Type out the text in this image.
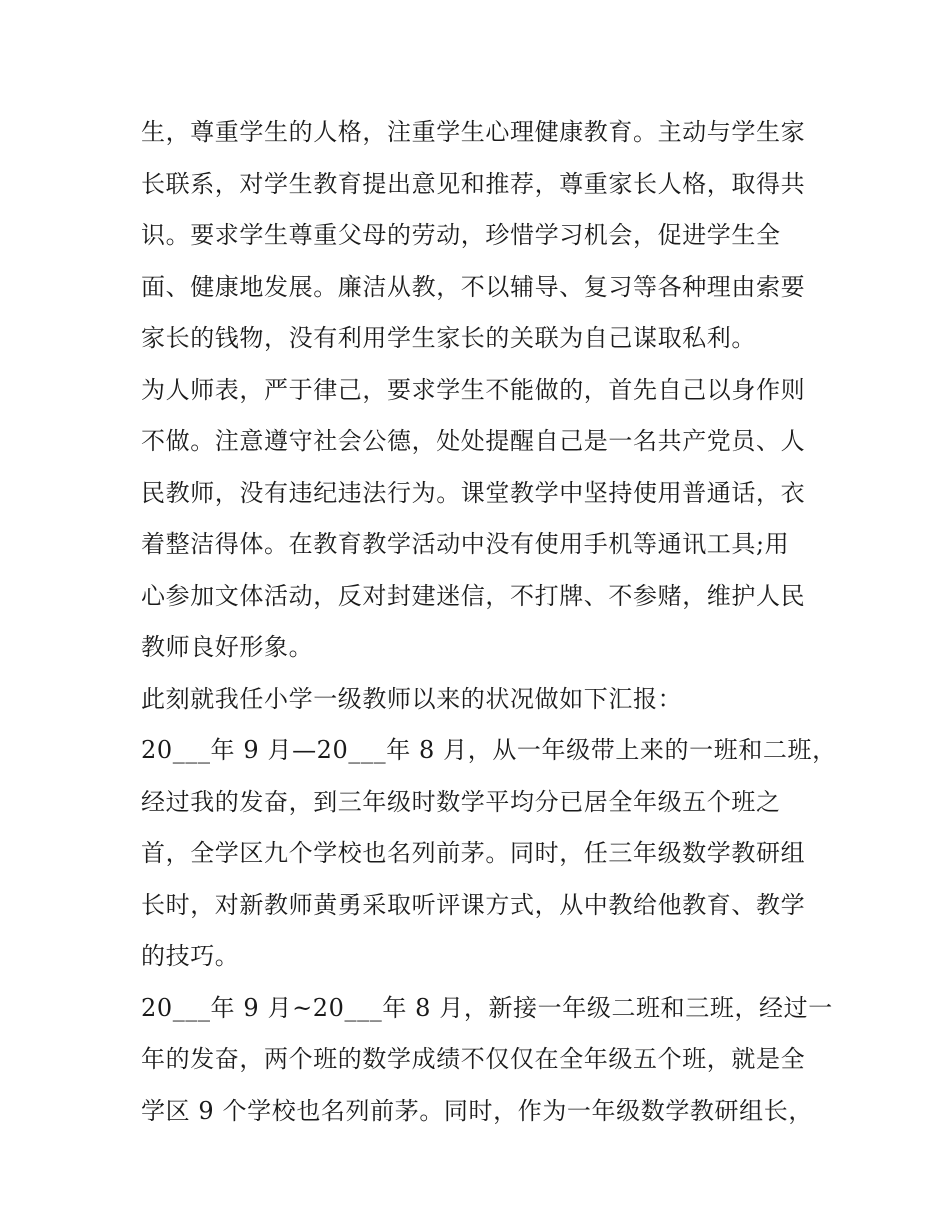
生，尊重学生的人格，注重学生心理健康教育。主动与学生家
长联系，对学生教育提出意见和推荐，尊重家长人格，取得共
识。要求学生尊重父母的劳动，珍惜学习机会，促进学生全
面、健康地发展。廉洁从教，不以辅导、复习等各种理由索要
家长的钱物，没有利用学生家长的关联为自己谋取私利。
为人师表，严于律己，要求学生不能做的，首先自己以身作则
不做。注意遵守社会公德，处处提醒自己是一名共产党员、人
民教师，没有违纪违法行为。课堂教学中坚持使用普通话，衣
着整洁得体。在教育教学活动中没有使用手机等通讯工具;用
心参加文体活动，反对封建迷信，不打牌、不参赌，维护人民
教师良好形象。
此刻就我任小学一级教师以来的状况做如下汇报：
20___年 9 月—20___年 8 月，从一年级带上来的一班和二班，
经过我的发奋，到三年级时数学平均分已居全年级五个班之
首，全学区九个学校也名列前茅。同时，任三年级数学教研组
长时，对新教师黄勇采取听评课方式，从中教给他教育、教学
的技巧。
20___年 9 月~20___年 8 月，新接一年级二班和三班，经过一
年的发奋，两个班的数学成绩不仅仅在全年级五个班，就是全
学区 9 个学校也名列前茅。同时，作为一年级数学教研组长，
